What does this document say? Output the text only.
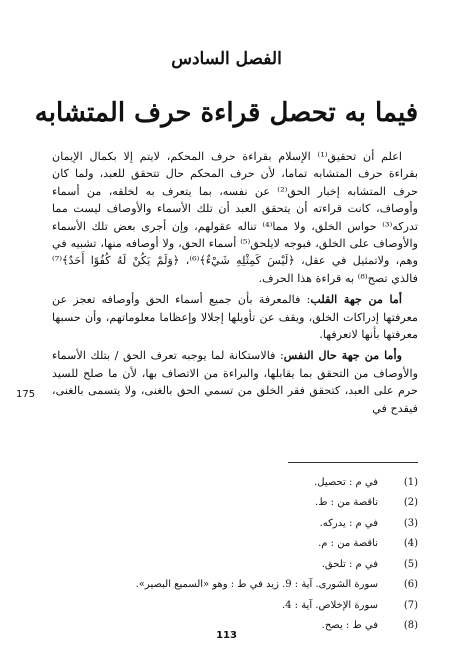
الفصل السادس
فيما به تحصل قراءة حرف المتشابه

اعلم أن تحقيق⁽¹⁾ الإسلام بقراءة حرف المحكم، لايتم إلا بكمال الإيمان بقراءة حرف المتشابه تماما، لأن حرف المحكم حال تتحقق للعبد، ولما كان حرف المتشابه إخبار الحق⁽²⁾ عن نفسه، بما يتعرف به لخلقه، من أسماء وأوصاف، كانت قراءته أن يتحقق العبد أن تلك الأسماء والأوصاف ليست مما تدركه⁽³⁾ حواس الخلق، ولا مما⁽⁴⁾ تناله عقولهم، وإن أجرى بعض تلك الأسماء والأوصاف على الخلق، فبوجه لايلحق⁽⁵⁾ أسماء الحق، ولا أوصافه منها، تشبيه في وهم، ولاتمثيل في عقل، ﴿لَيْسَ كَمِثْلِهِ شَيْءٌ﴾⁽⁶⁾، ﴿وَلَمْ يَكُنْ لَهُ كُفُوًا أَحَدٌ﴾⁽⁷⁾ فالذي تصح⁽⁸⁾ به قراءة هذا الحرف.

أما من جهة القلب: فالمعرفة بأن جميع أسماء الحق وأوصافه تعجز عن معرفتها إدراكات الخلق، ويقف عن تأويلها إجلالا وإعظاما معلوماتهم، وأن حسبها معرفتها بأنها لاتعرفها.

وأما من جهة حال النفس: فالاستكانة لما يوجبه تعرف الحق / بتلك الأسماء والأوصاف من التحقق بما يقابلها، والبراءة من الاتصاف بها، لأن ما صلح للسيد حرم على العبد، كتحقق فقر الخلق من تسمي الحق بالغنى، ولا يتسمى بالغنى، فيقدح في

175
(1)
في م : تحصيل.
(2)
ناقصة من : ط.
(3)
في م : يدركه.
(4)
ناقصة من : م.
(5)
في م : تلحق.
(6)
سورة الشورى. آية : 9. زيد في ط : وهو «السميع البصير».
(7)
سورة الإخلاص. آية : 4.
(8)
في ط : يصح.
113
